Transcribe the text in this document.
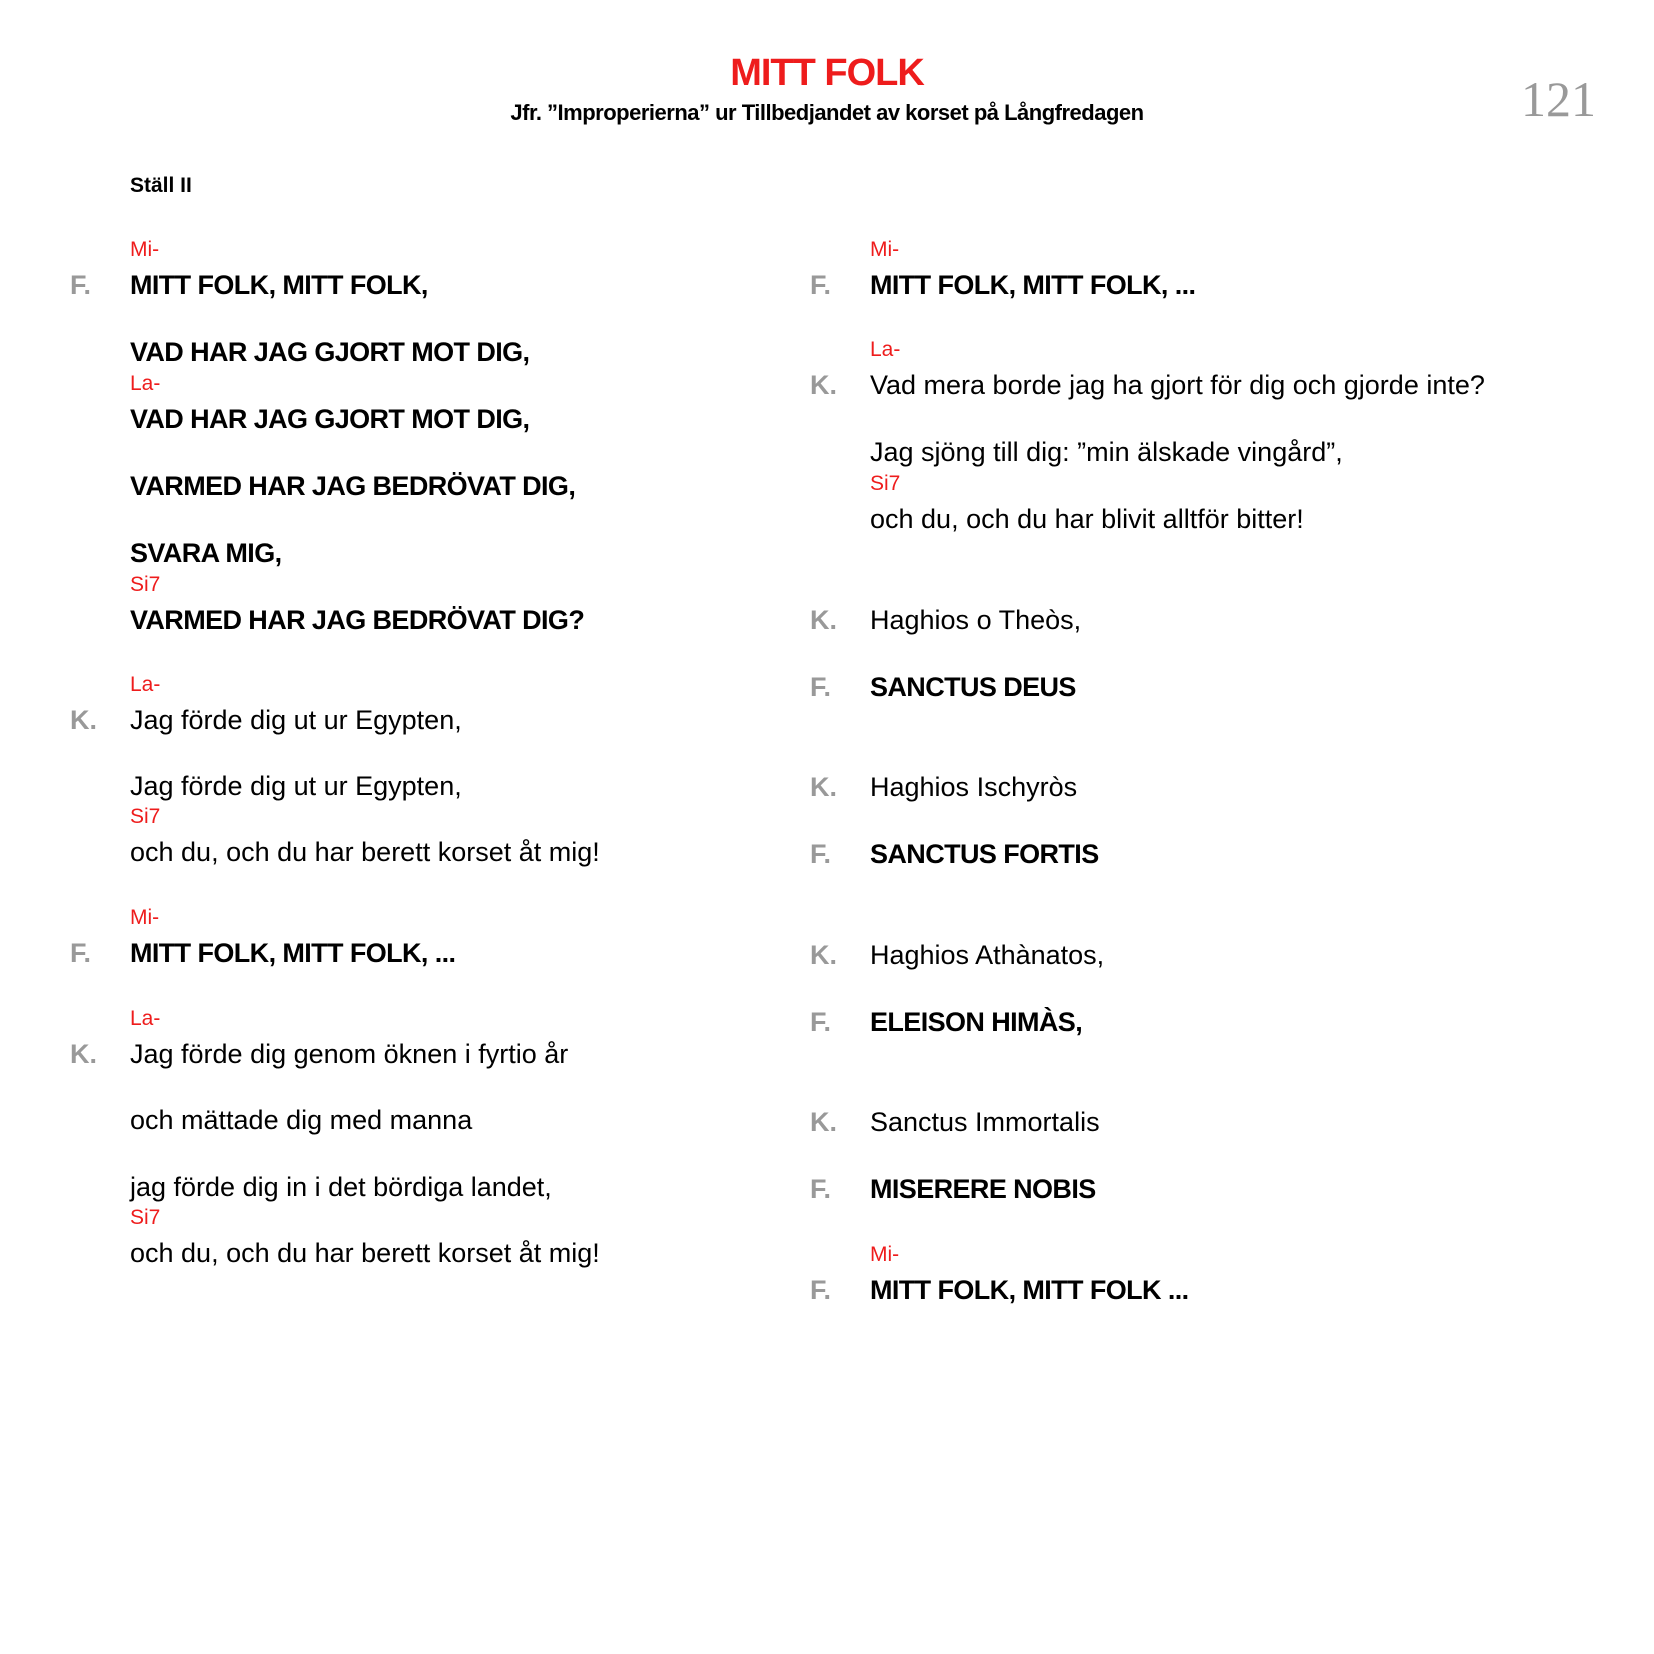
MITT FOLK
Jfr. ”Improperierna” ur Tillbedjandet av korset på Långfredagen	121
Ställ II
Mi-
F. MITT FOLK, MITT FOLK,
VAD HAR JAG GJORT MOT DIG,
La-
VAD HAR JAG GJORT MOT DIG,
VARMED HAR JAG BEDRÖVAT DIG,
SVARA MIG,
Si7
VARMED HAR JAG BEDRÖVAT DIG?
La-
K. Jag förde dig ut ur Egypten,
Jag förde dig ut ur Egypten,
Si7
och du, och du har berett korset åt mig!
Mi-
F. MITT FOLK, MITT FOLK, ...
La-
K. Jag förde dig genom öknen i fyrtio år
och mättade dig med manna
jag förde dig in i det bördiga landet,
Si7
och du, och du har berett korset åt mig!
Mi-
F. MITT FOLK, MITT FOLK, ...
La-
K. Vad mera borde jag ha gjort för dig och gjorde inte?
Jag sjöng till dig: ”min älskade vingård”,
Si7
och du, och du har blivit alltför bitter!
K. Haghios o Theòs,
F. SANCTUS DEUS
K. Haghios Ischyròs
F. SANCTUS FORTIS
K. Haghios Athànatos,
F. ELEISON HIMÀS,
K. Sanctus Immortalis
F. MISERERE NOBIS
Mi-
F. MITT FOLK, MITT FOLK ...
